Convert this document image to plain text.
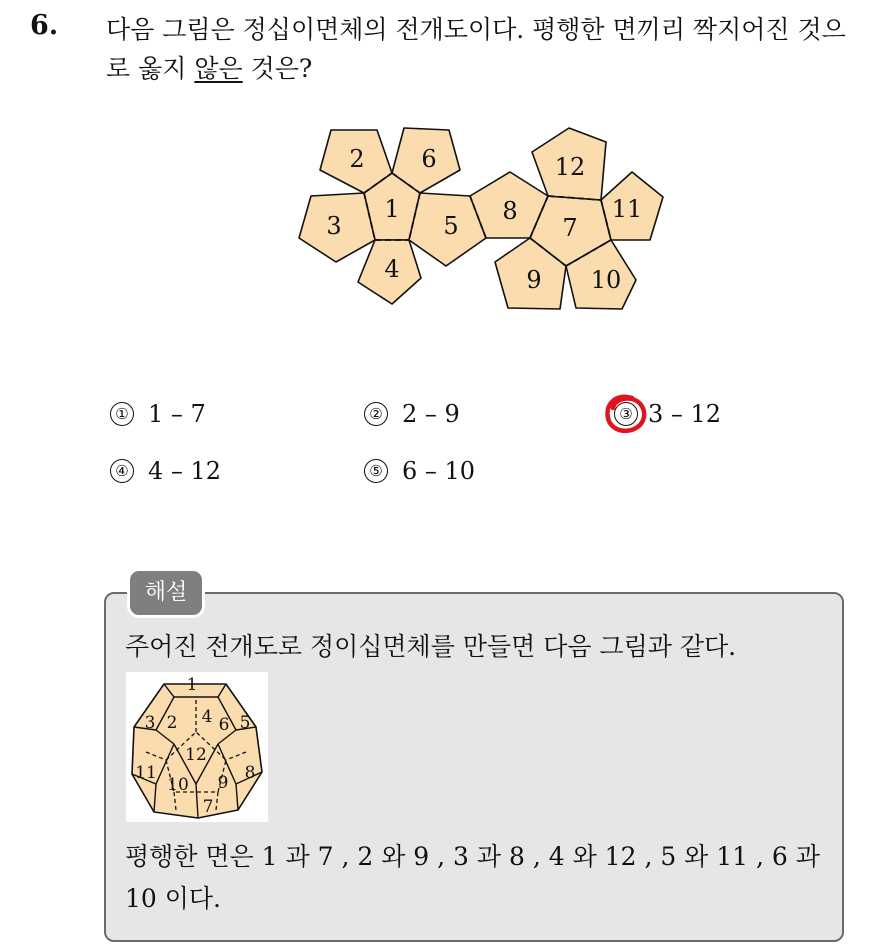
6. 다음 그림은 정십이면체의 전개도이다. 평행한 면끼리 짝지어진 것으로 옳지 않은 것은?
1
2
3
4
5
6
7
8
9 10
11
12
① 1 – 7	② 2 – 9	③ 3 – 12
④ 4 – 12	⑤ 6 – 10
해설
주어진 전개도로 정이십면체를 만들면 다음 그림과 같다.
1
2
3	4 5
6
7
8
9
10
11
12
평행한 면은 1 과 7 , 2 와 9 , 3 과 8 , 4 와 12 , 5 와 11 , 6 과 10 이다.
